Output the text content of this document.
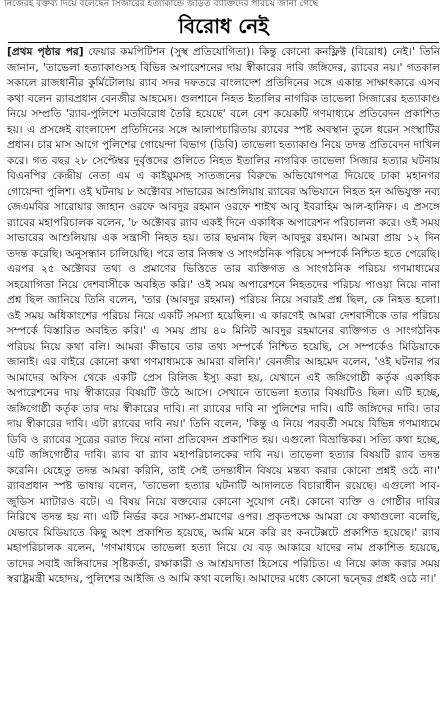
নিজেরই বক্তব্য দিয়ে বলেছেন সিজারের হত্যাকান্ডে জড়িত ব্যাক্তিদের পরিচয় জানা গেছে
বিরোধ নেই

[প্রথম পৃষ্ঠার পর] ফেয়ার কমপিটিশন (সুস্থ প্রতিযোগিতা)। কিন্তু কোনো কনফ্লিক্ট (বিরোধ) নেই।' তিনি জানান, 'তাভেলা হত্যাকাণ্ডসহ বিভিন্ন অপারেশনের দায় স্বীকারের দাবি জঙ্গিদের, র‌্যাবের নয়।' গতকাল সকালে রাজধানীর কুর্মিটোলায় র‌্যাব সদর দফতরে বাংলাদেশ প্রতিদিনের সঙ্গে একান্ত সাক্ষাৎকারে এসব কথা বলেন র‌্যাবপ্রধান বেনজীর আহমেদ। গুলশানে নিহত ইতালির নাগরিক তাভেলা সিজারের হত্যাকাণ্ড নিয়ে সম্প্রতি 'র‌্যাব-পুলিশে মতবিরোধ তৈরি হয়েছে' বলে বেশ কয়েকটি গণমাধ্যমে প্রতিবেদন প্রকাশিত হয়। এ প্রসঙ্গেই বাংলাদেশ প্রতিদিনের সঙ্গে আলাপচারিতায় র‌্যাবের স্পষ্ট অবস্থান তুলে ধরেন সংস্থাটির প্রধান। চার মাস আগে পুলিশের গোয়েন্দা বিভাগ (ডিবি) তাভেলা হত্যাকাণ্ড নিয়ে তদন্ত প্রতিবেদন দাখিল করে। গত বছর ২৮ সেপ্টেম্বর দুর্বৃত্তদের গুলিতে নিহত ইতালির নাগরিক তাভেলা সিজার হত্যার ঘটনায় বিএনপির কেন্দ্রীয় নেতা এম এ কাইয়ুমসহ সাতজনের বিরুদ্ধে অভিযোগপত্র দিয়েছে ঢাকা মহানগর গোয়েন্দা পুলিশ। ওই ঘটনায় ৮ অক্টোবর সাভারের আশুলিয়ায় র‌্যাবের অভিযানে নিহত হন অভিযুক্ত নব্য জেএমবির সারোয়ার জাহান ওরফে আবদুর রহমান ওরফে শাইখ আবু ইবরাহিম আল-হানিফ। এ প্রসঙ্গে র‌্যাবের মহাপরিচালক বলেন, '৮ অক্টোবর র‌্যাব একই দিনে একাধিক অপারেশন পরিচালনা করে। ওই সময় সাভারের আশুলিয়ায় এক সন্ত্রাসী নিহত হয়। তার ছদ্মনাম ছিল আবদুর রহমান। আমরা প্রায় ১২ দিন তদন্ত করেছি। অনুসন্ধান চালিয়েছি। পরে তার নিজস্ব ও সাংগঠনিক পরিচয় সম্পর্কে নিশ্চিত হতে পেরেছি। এরপর ২৫ অক্টোবর তথ্য ও প্রমাণের ভিত্তিতে তার ব্যক্তিগত ও সাংগঠনিক পরিচয় গণমাধ্যমের সহযোগিতা নিয়ে দেশবাসীকে অবহিত করি।' ওই সময় অপারেশনে নিহতদের পরিচয় পাওয়া নিয়ে নানা প্রশ্ন ছিল জানিয়ে তিনি বলেন, 'তার (আবদুর রহমান) পরিচয় নিয়ে সবারই প্রশ্ন ছিল, কে নিহত হলো। ওই সময় অধিকাংশের পরিচয় নিয়ে একটি সমস্যা হয়েছিল। এ কারণেই আমরা দেশবাসীকে তার পরিচয় সম্পর্কে বিস্তারিত অবহিত করি।' এ সময় প্রায় ৪০ মিনিট আবদুর রহমানের ব্যক্তিগত ও সাংগঠনিক পরিচয় নিয়ে কথা বলি। আমরা কীভাবে তার তথ্য সম্পর্কে নিশ্চিত হয়েছি, সে সম্পর্কেও মিডিয়াকে জানাই। এর বাইরে কোনো কথা গণমাধ্যমকে আমরা বলিনি।' বেনজীর আহমেদ বলেন, 'ওই ঘটনার পর আমাদের অফিস থেকে একটি প্রেস রিলিজ ইস্যু করা হয়, যেখানে এই জঙ্গিগোষ্ঠী কর্তৃক একাধিক অপারেশনের দায় স্বীকারের বিষয়টি উঠে আসে। সেখানে তাভেলা হত্যার বিষয়টিও ছিল। এটি হচ্ছে, জঙ্গিগোষ্ঠী কর্তৃক তার দায় স্বীকারের দাবি। না র‌্যাবের দাবি না পুলিশের দাবি। এটি জঙ্গিদের দাবি। তার দায় স্বীকারের দাবি। এটা র‌্যাবের দাবি নয়।' তিনি বলেন, 'কিন্তু এ নিয়ে পরবর্তী সময়ে বিভিন্ন গণমাধ্যমে ডিবি ও র‌্যাবের সূত্রের বরাত দিয়ে নানা প্রতিবেদন প্রকাশিত হয়। এগুলো বিভ্রান্তিকর। সত্যি কথা হচ্ছে, এটি জঙ্গিগোষ্ঠীর দাবি। র‌্যাব বা র‌্যাব মহাপরিচালকের দাবি নয়। তাভেলা হত্যার বিষয়টি র‌্যাব তদন্ত করেনি। যেহেতু তদন্ত আমরা করিনি, তাই সেই তদন্তাধীন বিষয়ে মন্তব্য করার কোনো প্রশ্নই ওঠে না।' র‌্যাবপ্রধান স্পষ্ট ভাষায় বলেন, 'তাভেলা হত্যার ঘটনাটি আদালতে বিচারাধীন রয়েছে। এগুলো সাব-জুডিস ম্যাটারও বটে। এ বিষয় নিয়ে বক্তব্যের কোনো সুযোগ নেই। কোনো ব্যক্তি ও গোষ্ঠীর দাবির নিরিখে তদন্ত হয় না। এটি নির্ভর করে সাক্ষ্য-প্রমাণের ওপর। প্রকৃতপক্ষে আমরা যে কথাগুলো বলেছি, যেভাবে মিডিয়াতে কিছু অংশ প্রকাশিত হয়েছে, আমি মনে করি রং কনটেক্সটে প্রকাশিত হয়েছে।' র‌্যাব মহাপরিচালক বলেন, 'গণমাধ্যমে তাভেলা হত্যা নিয়ে যে বড় আকারে যাদের নাম প্রকাশিত হয়েছে, তাদের সবাই জঙ্গিবাদের সৃষ্টিকর্তা, রক্ষাকারী ও আশ্রয়দাতা হিসেবে পরিচিত। এ নিয়ে কাজ করার সময় স্বরাষ্ট্রমন্ত্রী মহোদয়, পুলিশের আইজি ও আমি কথা বলেছি। আমাদের মধ্যে কোনো দ্বন্দ্বের প্রশ্নই ওঠে না।'
